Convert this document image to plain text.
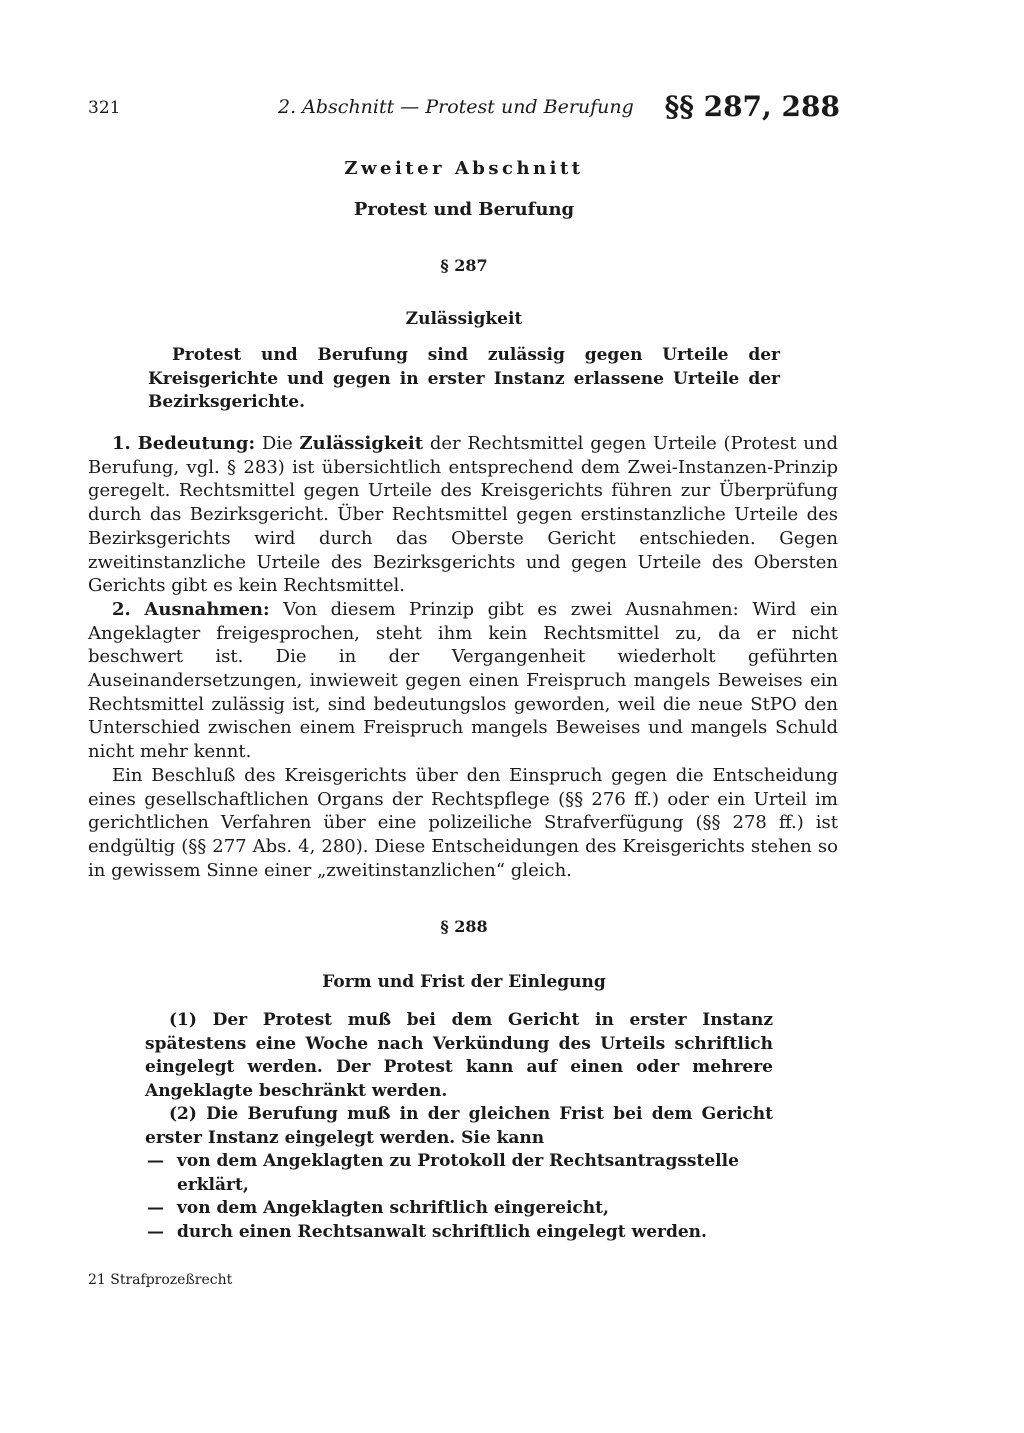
321	2. Abschnitt — Protest und Berufung §§ 287, 288
Zweiter Abschnitt
Protest und Berufung
§ 287
Zulässigkeit

Protest und Berufung sind zulässig gegen Urteile der Kreisgerichte und gegen in erster Instanz erlassene Urteile der Bezirksgerichte.

1. Bedeutung: Die Zulässigkeit der Rechtsmittel gegen Urteile (Protest und Berufung, vgl. § 283) ist übersichtlich entsprechend dem Zwei-Instanzen-Prinzip geregelt. Rechtsmittel gegen Urteile des Kreisgerichts führen zur Überprüfung durch das Bezirksgericht. Über Rechtsmittel gegen erstinstanzliche Urteile des Bezirksgerichts wird durch das Oberste Gericht entschieden. Gegen zweitinstanzliche Urteile des Bezirksgerichts und gegen Urteile des Obersten Gerichts gibt es kein Rechtsmittel.

2. Ausnahmen: Von diesem Prinzip gibt es zwei Ausnahmen: Wird ein Angeklagter freigesprochen, steht ihm kein Rechtsmittel zu, da er nicht beschwert ist. Die in der Vergangenheit wiederholt geführten Auseinandersetzungen, inwieweit gegen einen Freispruch mangels Beweises ein Rechtsmittel zulässig ist, sind bedeutungslos geworden, weil die neue StPO den Unterschied zwischen einem Freispruch mangels Beweises und mangels Schuld nicht mehr kennt.

Ein Beschluß des Kreisgerichts über den Einspruch gegen die Entscheidung eines gesellschaftlichen Organs der Rechtspflege (§§ 276 ff.) oder ein Urteil im gerichtlichen Verfahren über eine polizeiliche Strafverfügung (§§ 278 ff.) ist endgültig (§§ 277 Abs. 4, 280). Diese Entscheidungen des Kreisgerichts stehen so in gewissem Sinne einer „zweitinstanzlichen“ gleich.

§ 288
Form und Frist der Einlegung

(1) Der Protest muß bei dem Gericht in erster Instanz spätestens eine Woche nach Verkündung des Urteils schriftlich eingelegt werden. Der Protest kann auf einen oder mehrere Angeklagte beschränkt werden.

(2) Die Berufung muß in der gleichen Frist bei dem Gericht erster Instanz eingelegt werden. Sie kann

— von dem Angeklagten zu Protokoll der Rechtsantragsstelle erklärt,
— von dem Angeklagten schriftlich eingereicht,
— durch einen Rechtsanwalt schriftlich eingelegt werden.
21 Strafprozeßrecht
